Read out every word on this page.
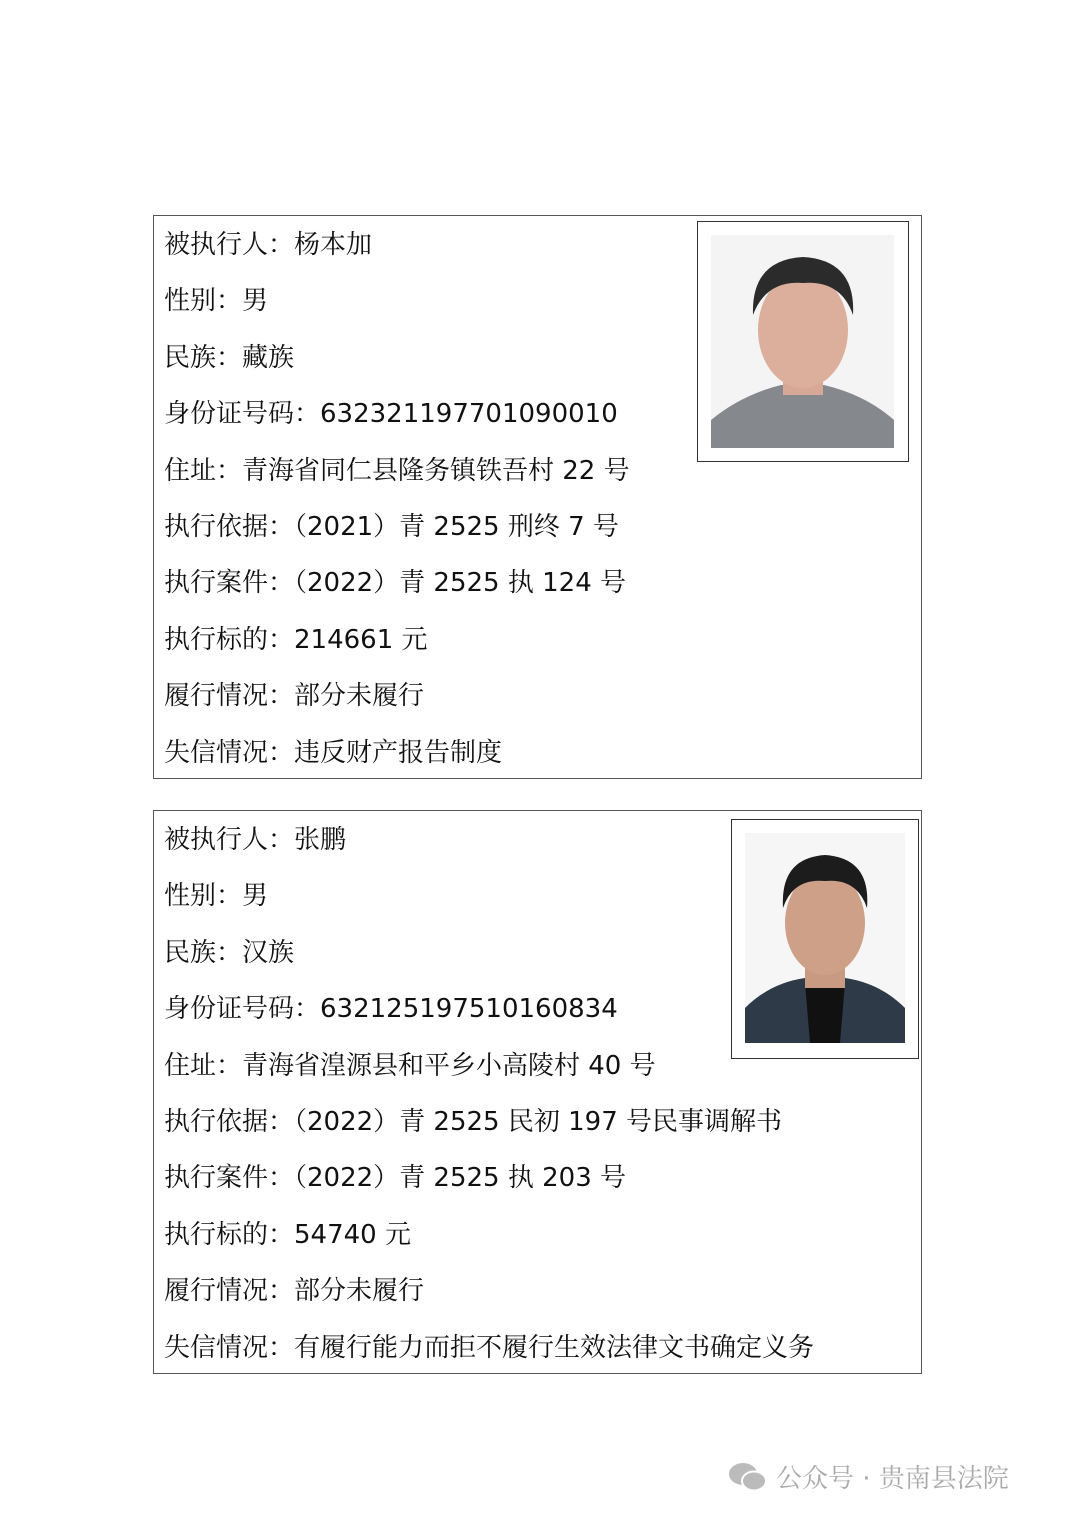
被执行人：杨本加
性别：男
民族：藏族
身份证号码：632321197701090010
住址：青海省同仁县隆务镇铁吾村 22 号
执行依据：（2021）青 2525 刑终 7 号
执行案件：（2022）青 2525 执 124 号
执行标的：214661 元
履行情况：部分未履行
失信情况：违反财产报告制度
被执行人：张鹏
性别：男
民族：汉族
身份证号码：632125197510160834
住址：青海省湟源县和平乡小高陵村 40 号
执行依据：（2022）青 2525 民初 197 号民事调解书
执行案件：（2022）青 2525 执 203 号
执行标的：54740 元
履行情况：部分未履行
失信情况：有履行能力而拒不履行生效法律文书确定义务
公众号 · 贵南县法院
